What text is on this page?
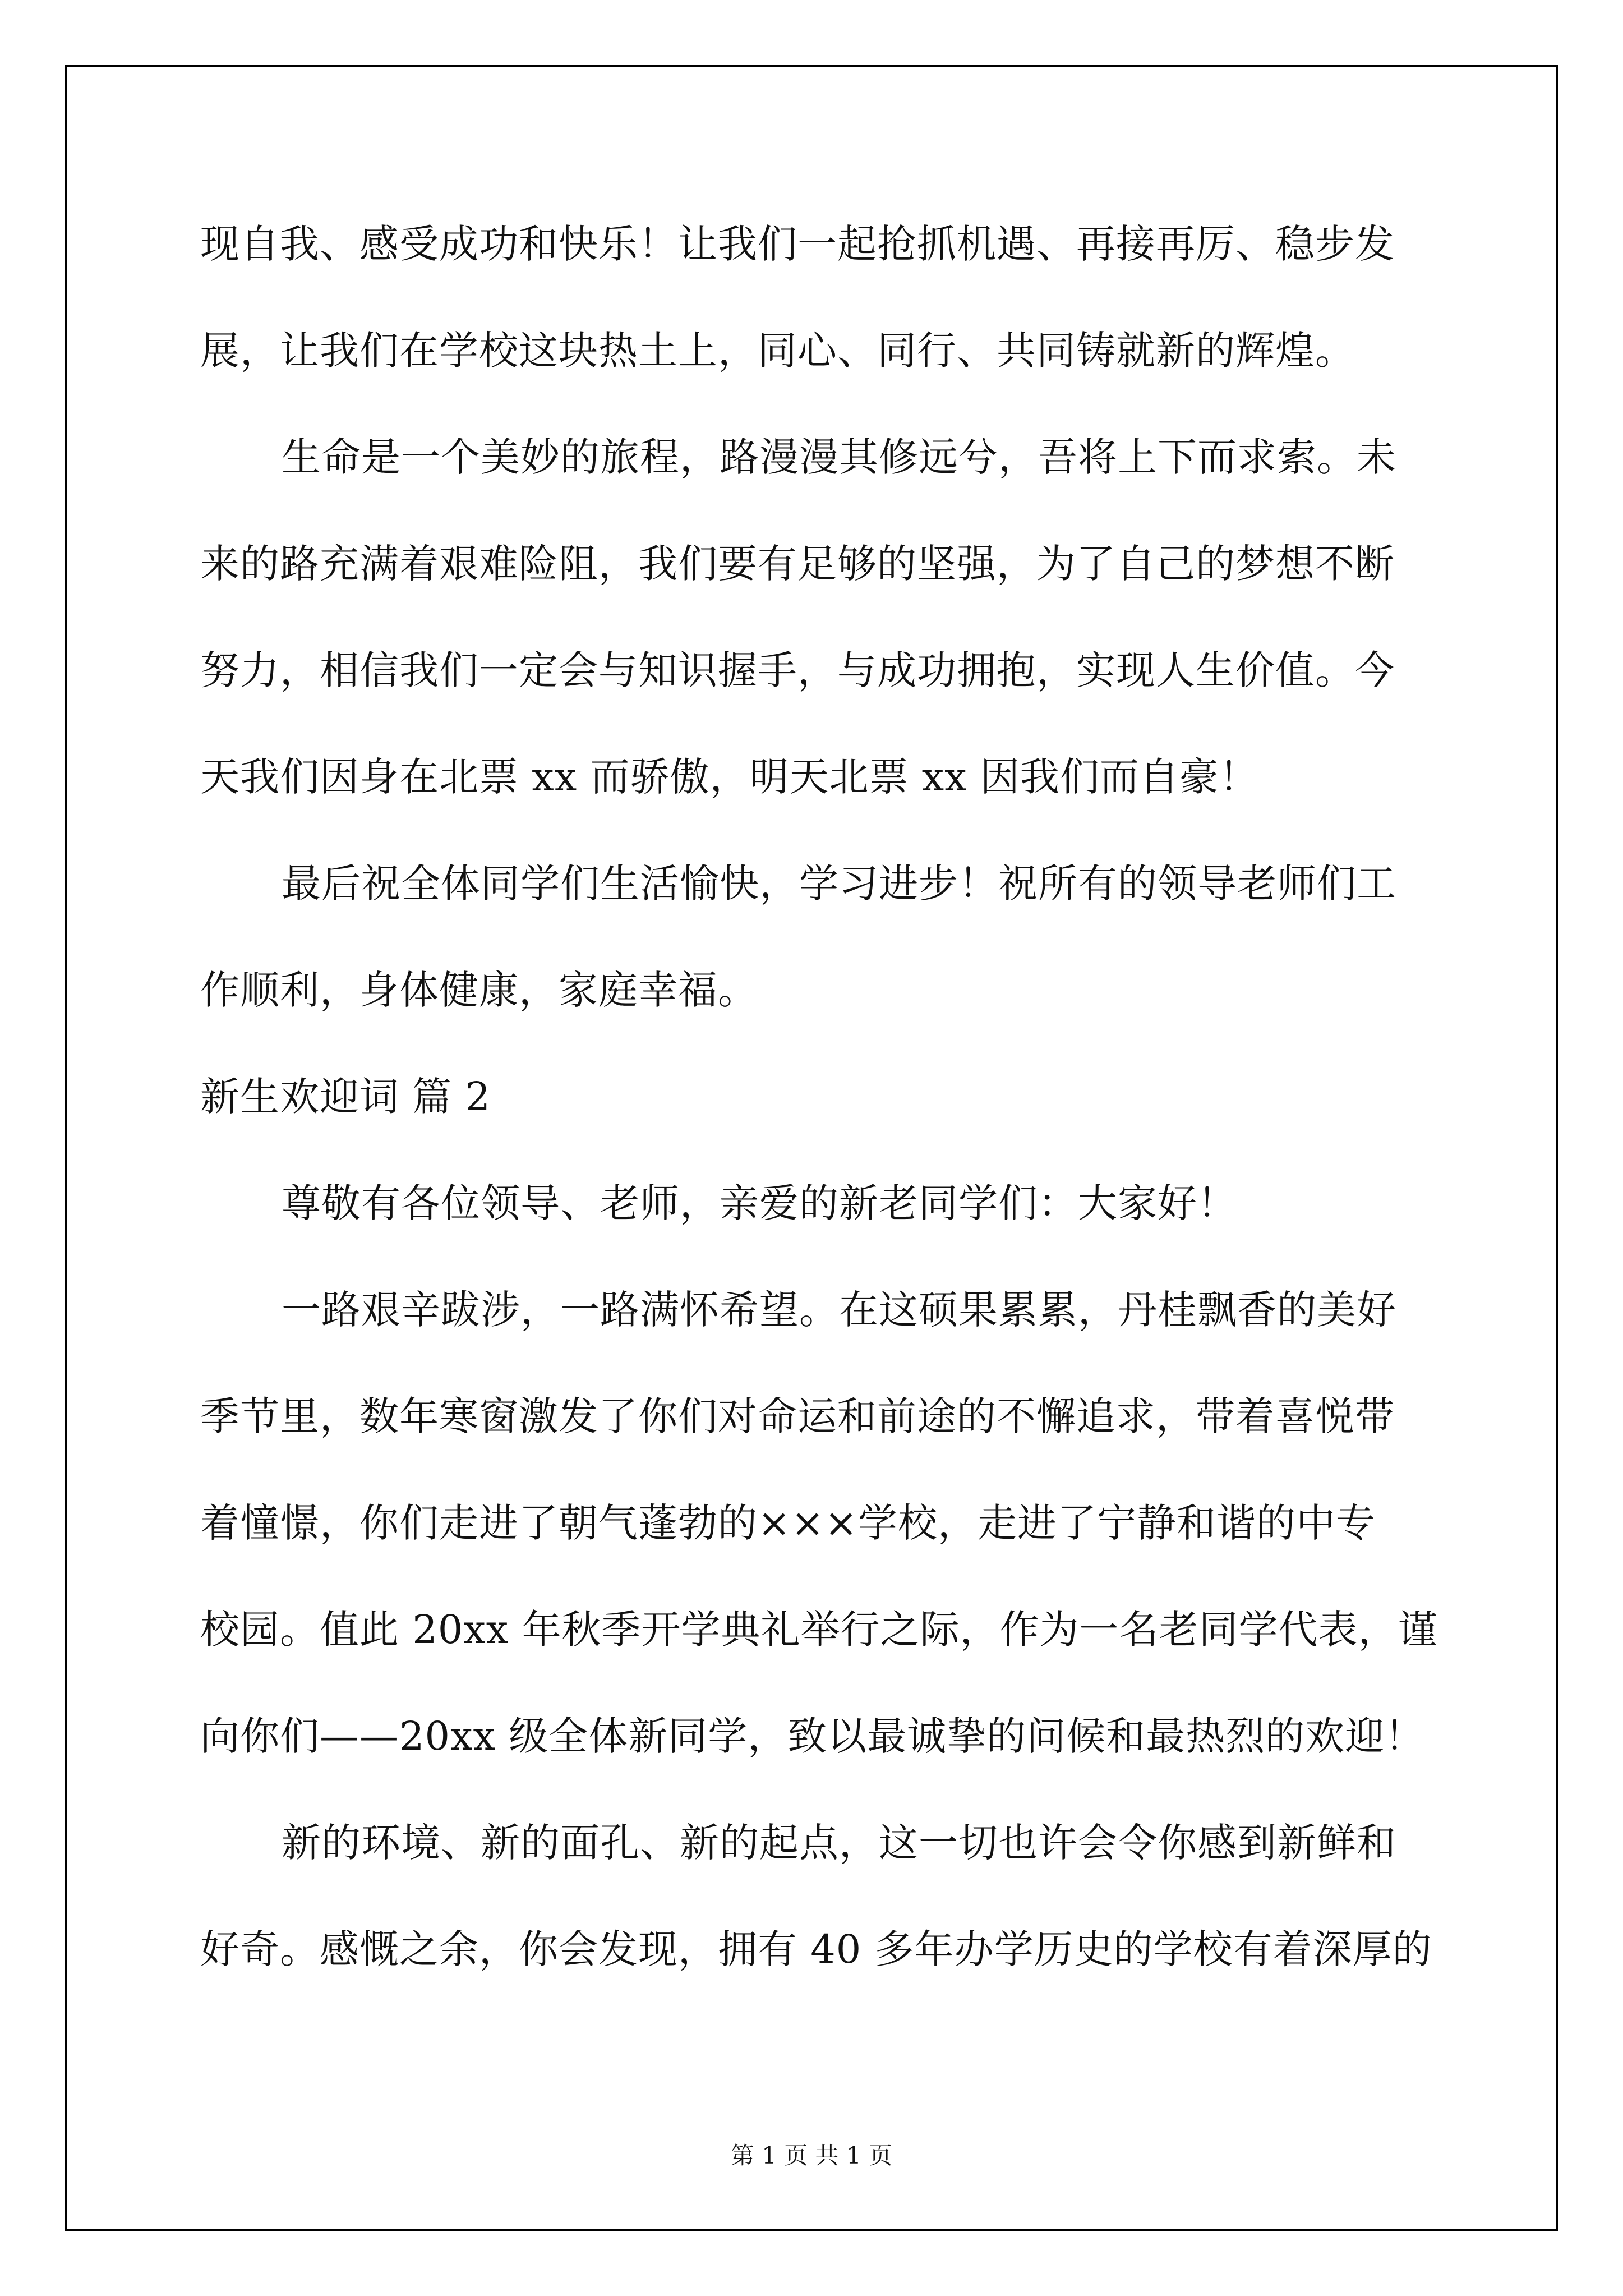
现自我、感受成功和快乐！让我们一起抢抓机遇、再接再厉、稳步发
展，让我们在学校这块热土上，同心、同行、共同铸就新的辉煌。
生命是一个美妙的旅程，路漫漫其修远兮，吾将上下而求索。未
来的路充满着艰难险阻，我们要有足够的坚强，为了自己的梦想不断
努力，相信我们一定会与知识握手，与成功拥抱，实现人生价值。今
天我们因身在北票 xx 而骄傲，明天北票 xx 因我们而自豪！
最后祝全体同学们生活愉快，学习进步！祝所有的领导老师们工
作顺利，身体健康，家庭幸福。
新生欢迎词 篇 2
尊敬有各位领导、老师，亲爱的新老同学们：大家好！
一路艰辛跋涉，一路满怀希望。在这硕果累累，丹桂飘香的美好
季节里，数年寒窗激发了你们对命运和前途的不懈追求，带着喜悦带
着憧憬，你们走进了朝气蓬勃的×××学校，走进了宁静和谐的中专
校园。值此 20xx 年秋季开学典礼举行之际，作为一名老同学代表，谨
向你们——20xx 级全体新同学，致以最诚挚的问候和最热烈的欢迎！
新的环境、新的面孔、新的起点，这一切也许会令你感到新鲜和
好奇。感慨之余，你会发现，拥有 40 多年办学历史的学校有着深厚的
第 1 页 共 1 页
